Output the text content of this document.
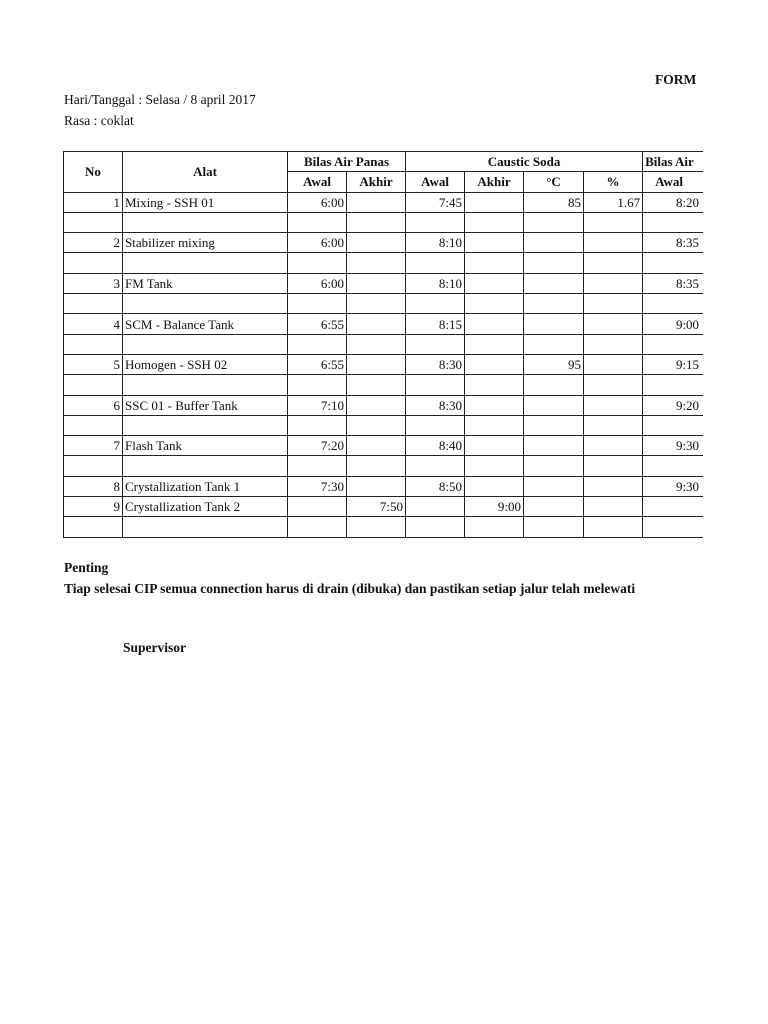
FORM
Hari/Tanggal : Selasa / 8 april 2017
Rasa : coklat
No	Alat	Bilas Air Panas		Caustic Soda				Bilas Air
		Awal	Akhir	Awal	Akhir	°C	%	Awal
1	Mixing - SSH 01	6:00		7:45		85	1.67	8:20

2	Stabilizer mixing	6:00		8:10				8:35

3	FM Tank	6:00		8:10				8:35

4	SCM - Balance Tank	6:55		8:15				9:00

5	Homogen - SSH 02	6:55		8:30		95		9:15

6	SSC 01 - Buffer Tank	7:10		8:30				9:20

7	Flash Tank	7:20		8:40				9:30

8	Crystallization Tank 1	7:30		8:50				9:30
9	Crystallization Tank 2		7:50		9:00			

Penting
Tiap selesai CIP semua connection harus di drain (dibuka) dan pastikan setiap jalur telah melewati
Supervisor
